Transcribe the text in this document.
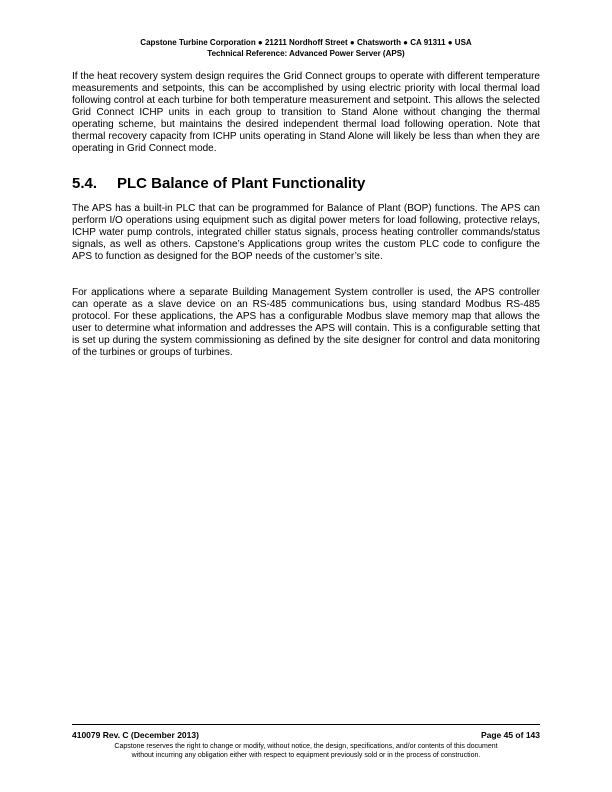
Capstone Turbine Corporation ● 21211 Nordhoff Street ● Chatsworth ● CA 91311 ● USA
Technical Reference: Advanced Power Server (APS)

If the heat recovery system design requires the Grid Connect groups to operate with different temperature measurements and setpoints, this can be accomplished by using electric priority with local thermal load following control at each turbine for both temperature measurement and setpoint. This allows the selected Grid Connect ICHP units in each group to transition to Stand Alone without changing the thermal operating scheme, but maintains the desired independent thermal load following operation. Note that thermal recovery capacity from ICHP units operating in Stand Alone will likely be less than when they are operating in Grid Connect mode.

5.4. PLC Balance of Plant Functionality

The APS has a built-in PLC that can be programmed for Balance of Plant (BOP) functions. The APS can perform I/O operations using equipment such as digital power meters for load following, protective relays, ICHP water pump controls, integrated chiller status signals, process heating controller commands/status signals, as well as others. Capstone’s Applications group writes the custom PLC code to configure the APS to function as designed for the BOP needs of the customer’s site.

For applications where a separate Building Management System controller is used, the APS controller can operate as a slave device on an RS-485 communications bus, using standard Modbus RS-485 protocol. For these applications, the APS has a configurable Modbus slave memory map that allows the user to determine what information and addresses the APS will contain. This is a configurable setting that is set up during the system commissioning as defined by the site designer for control and data monitoring of the turbines or groups of turbines.

410079 Rev. C (December 2013)	Page 45 of 143
Capstone reserves the right to change or modify, without notice, the design, specifications, and/or contents of this document
without incurring any obligation either with respect to equipment previously sold or in the process of construction.
